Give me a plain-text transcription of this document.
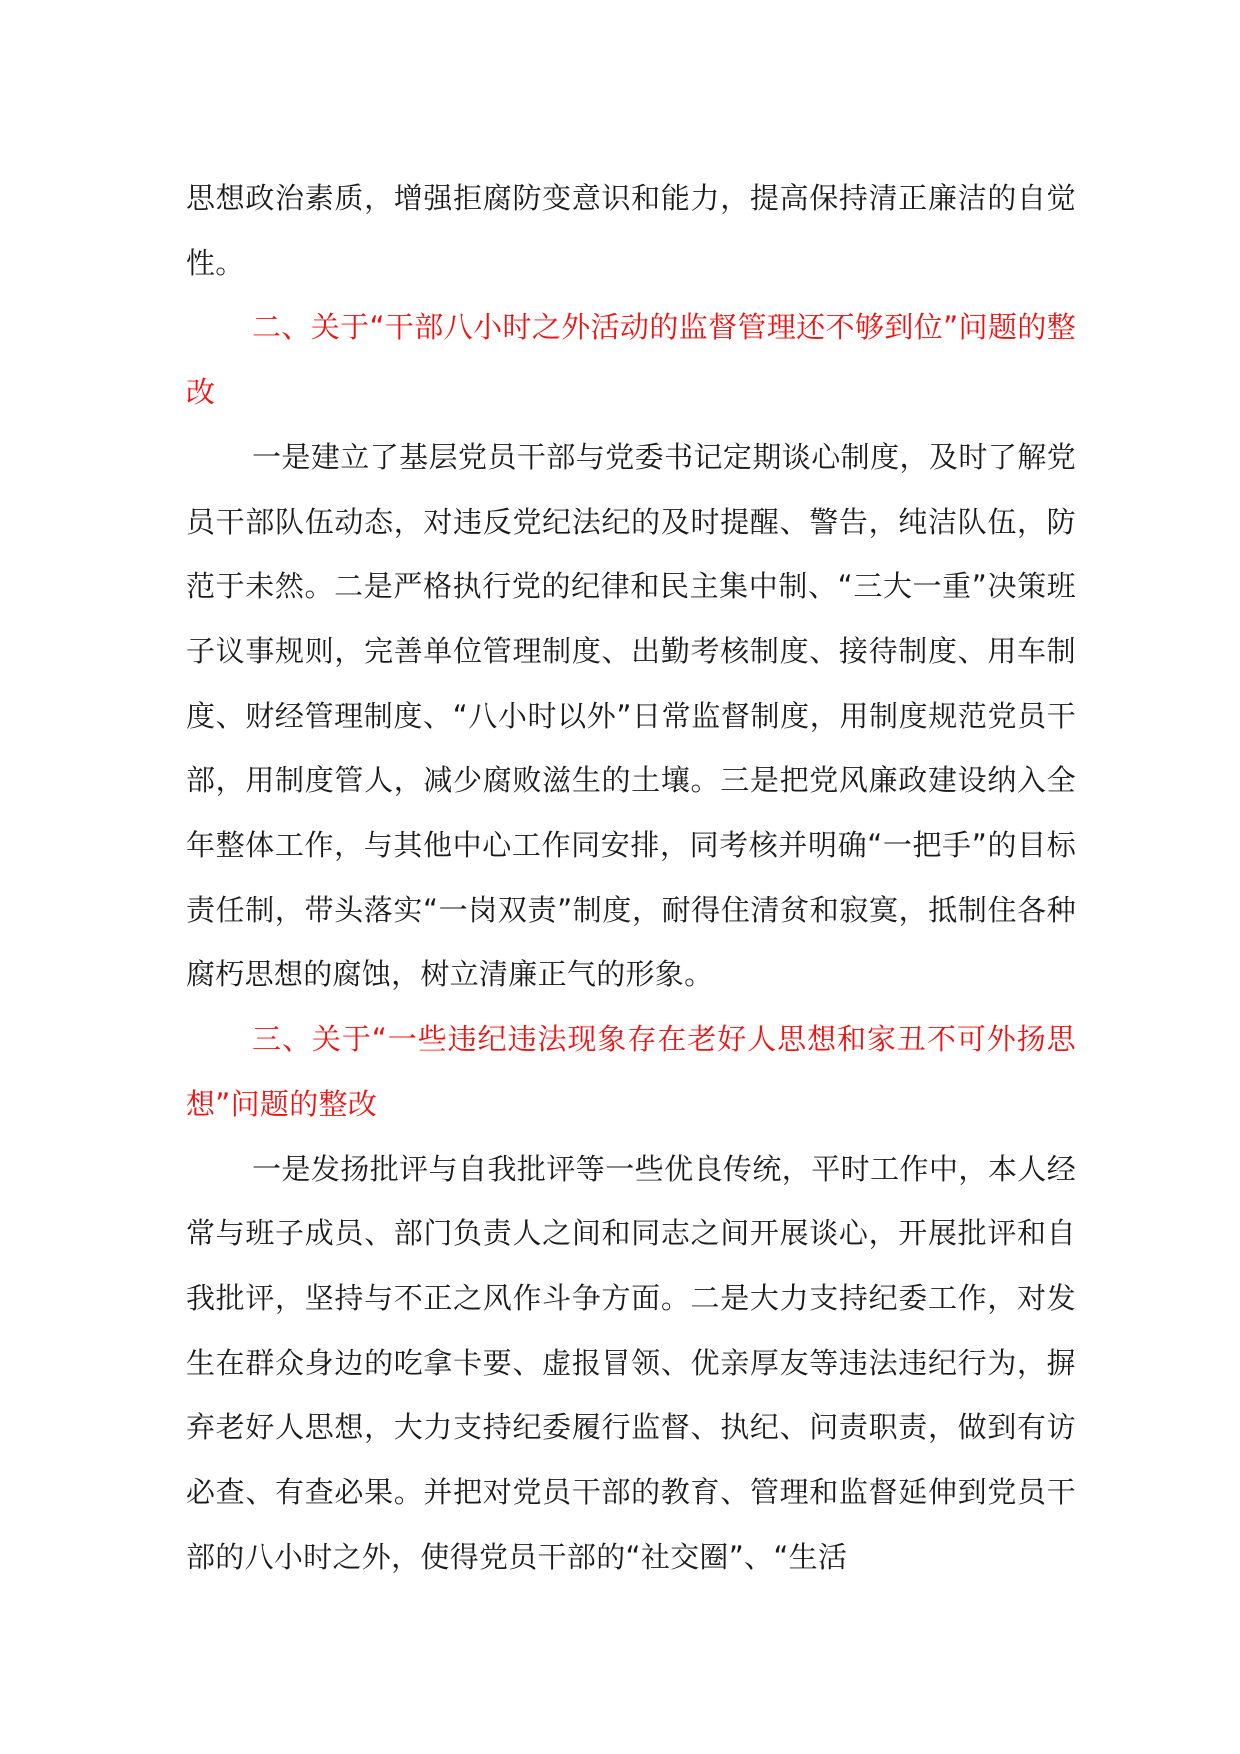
思想政治素质，增强拒腐防变意识和能力，提高保持清正廉洁的自觉性。

二、关于“干部八小时之外活动的监督管理还不够到位”问题的整改

一是建立了基层党员干部与党委书记定期谈心制度，及时了解党员干部队伍动态，对违反党纪法纪的及时提醒、警告，纯洁队伍，防范于未然。二是严格执行党的纪律和民主集中制、“三大一重”决策班子议事规则，完善单位管理制度、出勤考核制度、接待制度、用车制度、财经管理制度、“八小时以外”日常监督制度，用制度规范党员干部，用制度管人，减少腐败滋生的土壤。三是把党风廉政建设纳入全年整体工作，与其他中心工作同安排，同考核并明确“一把手”的目标责任制，带头落实“一岗双责”制度，耐得住清贫和寂寞，抵制住各种腐朽思想的腐蚀，树立清廉正气的形象。

三、关于“一些违纪违法现象存在老好人思想和家丑不可外扬思想”问题的整改

一是发扬批评与自我批评等一些优良传统，平时工作中，本人经常与班子成员、部门负责人之间和同志之间开展谈心，开展批评和自我批评，坚持与不正之风作斗争方面。二是大力支持纪委工作，对发生在群众身边的吃拿卡要、虚报冒领、优亲厚友等违法违纪行为，摒弃老好人思想，大力支持纪委履行监督、执纪、问责职责，做到有访必查、有查必果。并把对党员干部的教育、管理和监督延伸到党员干部的八小时之外，使得党员干部的“社交圈”、“生活
